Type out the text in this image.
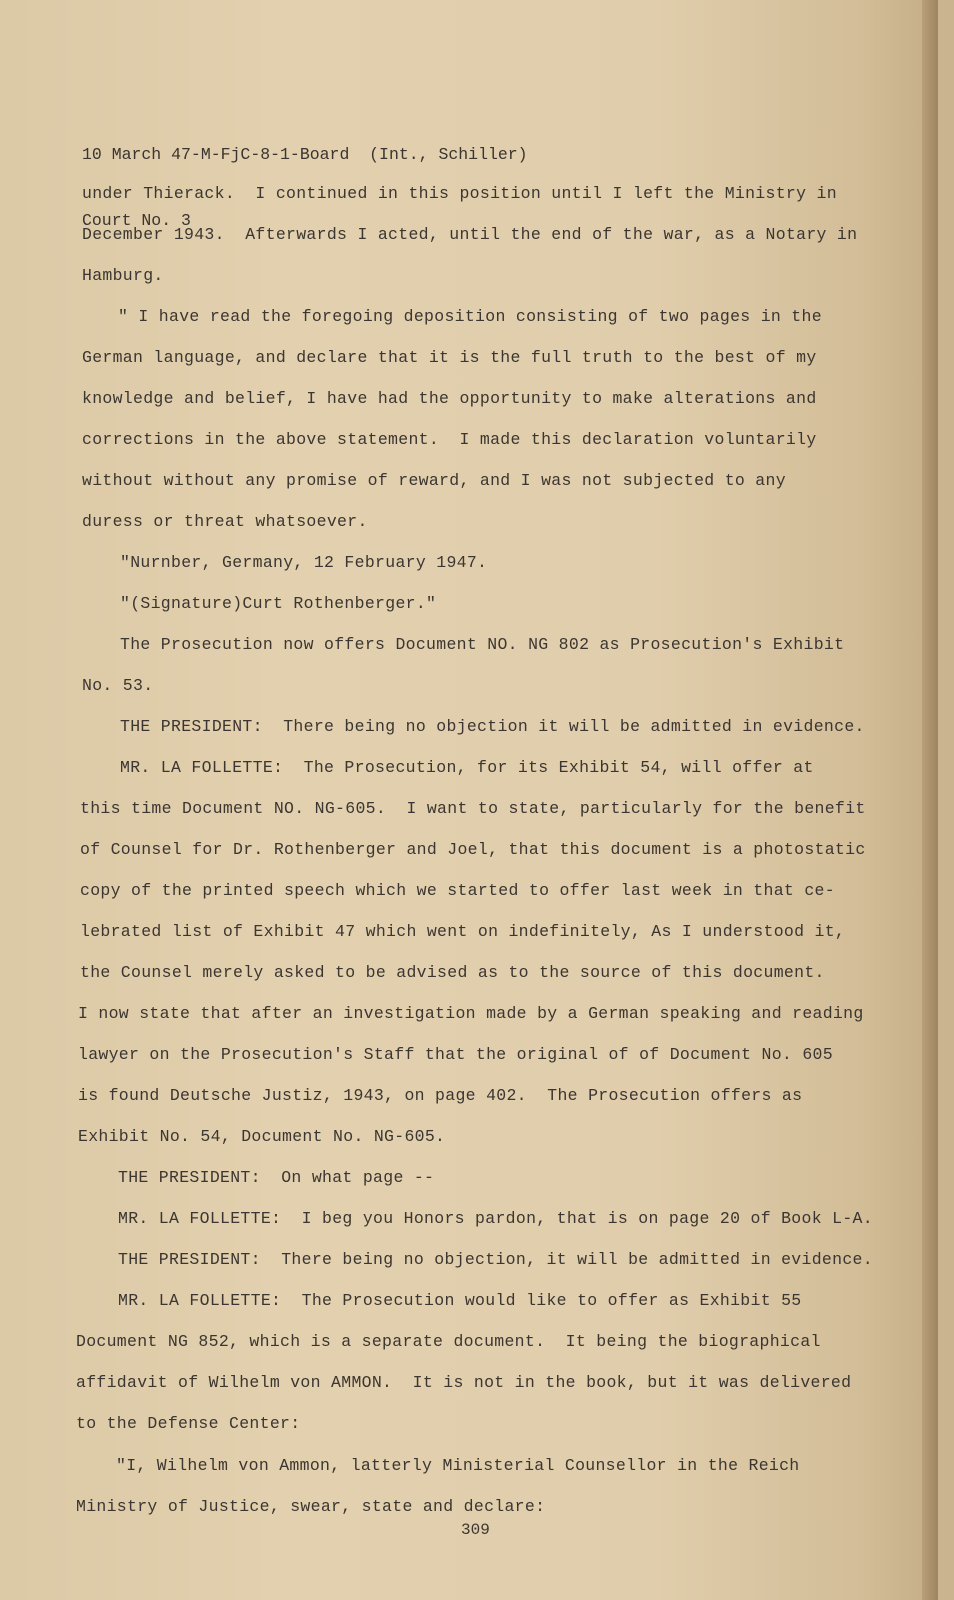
10 March 47-M-FjC-8-1-Board  (Int., Schiller)

Court No. 3

under Thierack.  I continued in this position until I left the Ministry in
December 1943.  Afterwards I acted, until the end of the war, as a Notary in
Hamburg.
" I have read the foregoing deposition consisting of two pages in the
German language, and declare that it is the full truth to the best of my
knowledge and belief, I have had the opportunity to make alterations and
corrections in the above statement.  I made this declaration voluntarily
without without any promise of reward, and I was not subjected to any
duress or threat whatsoever.
"Nurnber, Germany, 12 February 1947.
"(Signature)Curt Rothenberger."
The Prosecution now offers Document NO. NG 802 as Prosecution's Exhibit
No. 53.
THE PRESIDENT:  There being no objection it will be admitted in evidence.
MR. LA FOLLETTE:  The Prosecution, for its Exhibit 54, will offer at
this time Document NO. NG-605.  I want to state, particularly for the benefit
of Counsel for Dr. Rothenberger and Joel, that this document is a photostatic
copy of the printed speech which we started to offer last week in that ce-
lebrated list of Exhibit 47 which went on indefinitely, As I understood it,
the Counsel merely asked to be advised as to the source of this document.
I now state that after an investigation made by a German speaking and reading
lawyer on the Prosecution's Staff that the original of of Document No. 605
is found Deutsche Justiz, 1943, on page 402.  The Prosecution offers as
Exhibit No. 54, Document No. NG-605.
THE PRESIDENT:  On what page --
MR. LA FOLLETTE:  I beg you Honors pardon, that is on page 20 of Book L-A.
THE PRESIDENT:  There being no objection, it will be admitted in evidence.
MR. LA FOLLETTE:  The Prosecution would like to offer as Exhibit 55
Document NG 852, which is a separate document.  It being the biographical
affidavit of Wilhelm von AMMON.  It is not in the book, but it was delivered
to the Defense Center:
"I, Wilhelm von Ammon, latterly Ministerial Counsellor in the Reich
Ministry of Justice, swear, state and declare:
309
